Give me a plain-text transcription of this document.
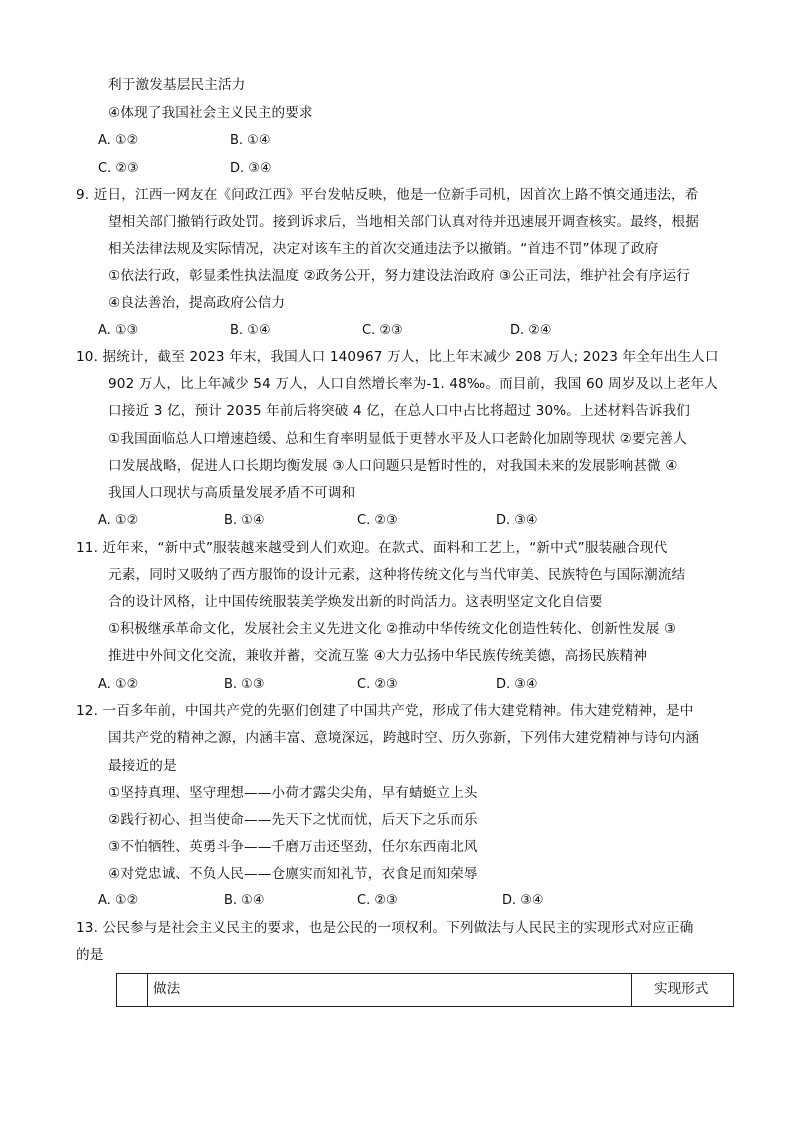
利于激发基层民主活力
④体现了我国社会主义民主的要求
A. ①②	B. ①④
C. ②③	D. ③④
9. 近日，江西一网友在《问政江西》平台发帖反映，他是一位新手司机，因首次上路不慎交通违法，希
望相关部门撤销行政处罚。接到诉求后，当地相关部门认真对待并迅速展开调查核实。最终，根据
相关法律法规及实际情况，决定对该车主的首次交通违法予以撤销。“首违不罚”体现了政府
①依法行政，彰显柔性执法温度 ②政务公开，努力建设法治政府 ③公正司法，维护社会有序运行
④良法善治，提高政府公信力
A. ①③	B. ①④	C. ②③	D. ②④
10. 据统计，截至 2023 年末，我国人口 140967 万人，比上年末减少 208 万人; 2023 年全年出生人口
902 万人，比上年减少 54 万人，人口自然增长率为-1. 48‰。而目前，我国 60 周岁及以上老年人
口接近 3 亿，预计 2035 年前后将突破 4 亿，在总人口中占比将超过 30%。上述材料告诉我们
①我国面临总人口增速趋缓、总和生育率明显低于更替水平及人口老龄化加剧等现状 ②要完善人
口发展战略，促进人口长期均衡发展 ③人口问题只是暂时性的，对我国未来的发展影响甚微 ④
我国人口现状与高质量发展矛盾不可调和
A. ①②	B. ①④	C. ②③	D. ③④
11. 近年来，“新中式”服装越来越受到人们欢迎。在款式、面料和工艺上，“新中式”服装融合现代
元素，同时又吸纳了西方服饰的设计元素，这种将传统文化与当代审美、民族特色与国际潮流结
合的设计风格，让中国传统服装美学焕发出新的时尚活力。这表明坚定文化自信要
①积极继承革命文化，发展社会主义先进文化 ②推动中华传统文化创造性转化、创新性发展 ③
推进中外间文化交流，兼收并蓄，交流互鉴 ④大力弘扬中华民族传统美德，高扬民族精神
A. ①②	B. ①③	C. ②③	D. ③④
12. 一百多年前，中国共产党的先驱们创建了中国共产党，形成了伟大建党精神。伟大建党精神，是中
国共产党的精神之源，内涵丰富、意境深远，跨越时空、历久弥新，下列伟大建党精神与诗句内涵
最接近的是
①坚持真理、坚守理想——小荷才露尖尖角，早有蜻蜓立上头
②践行初心、担当使命——先天下之忧而忧，后天下之乐而乐
③不怕牺牲、英勇斗争——千磨万击还坚劲，任尔东西南北风
④对党忠诚、不负人民——仓廪实而知礼节，衣食足而知荣辱
A. ①②	B. ①④	C. ②③	D. ③④
13. 公民参与是社会主义民主的要求，也是公民的一项权利。下列做法与人民民主的实现形式对应正确
的是
做法	实现形式
